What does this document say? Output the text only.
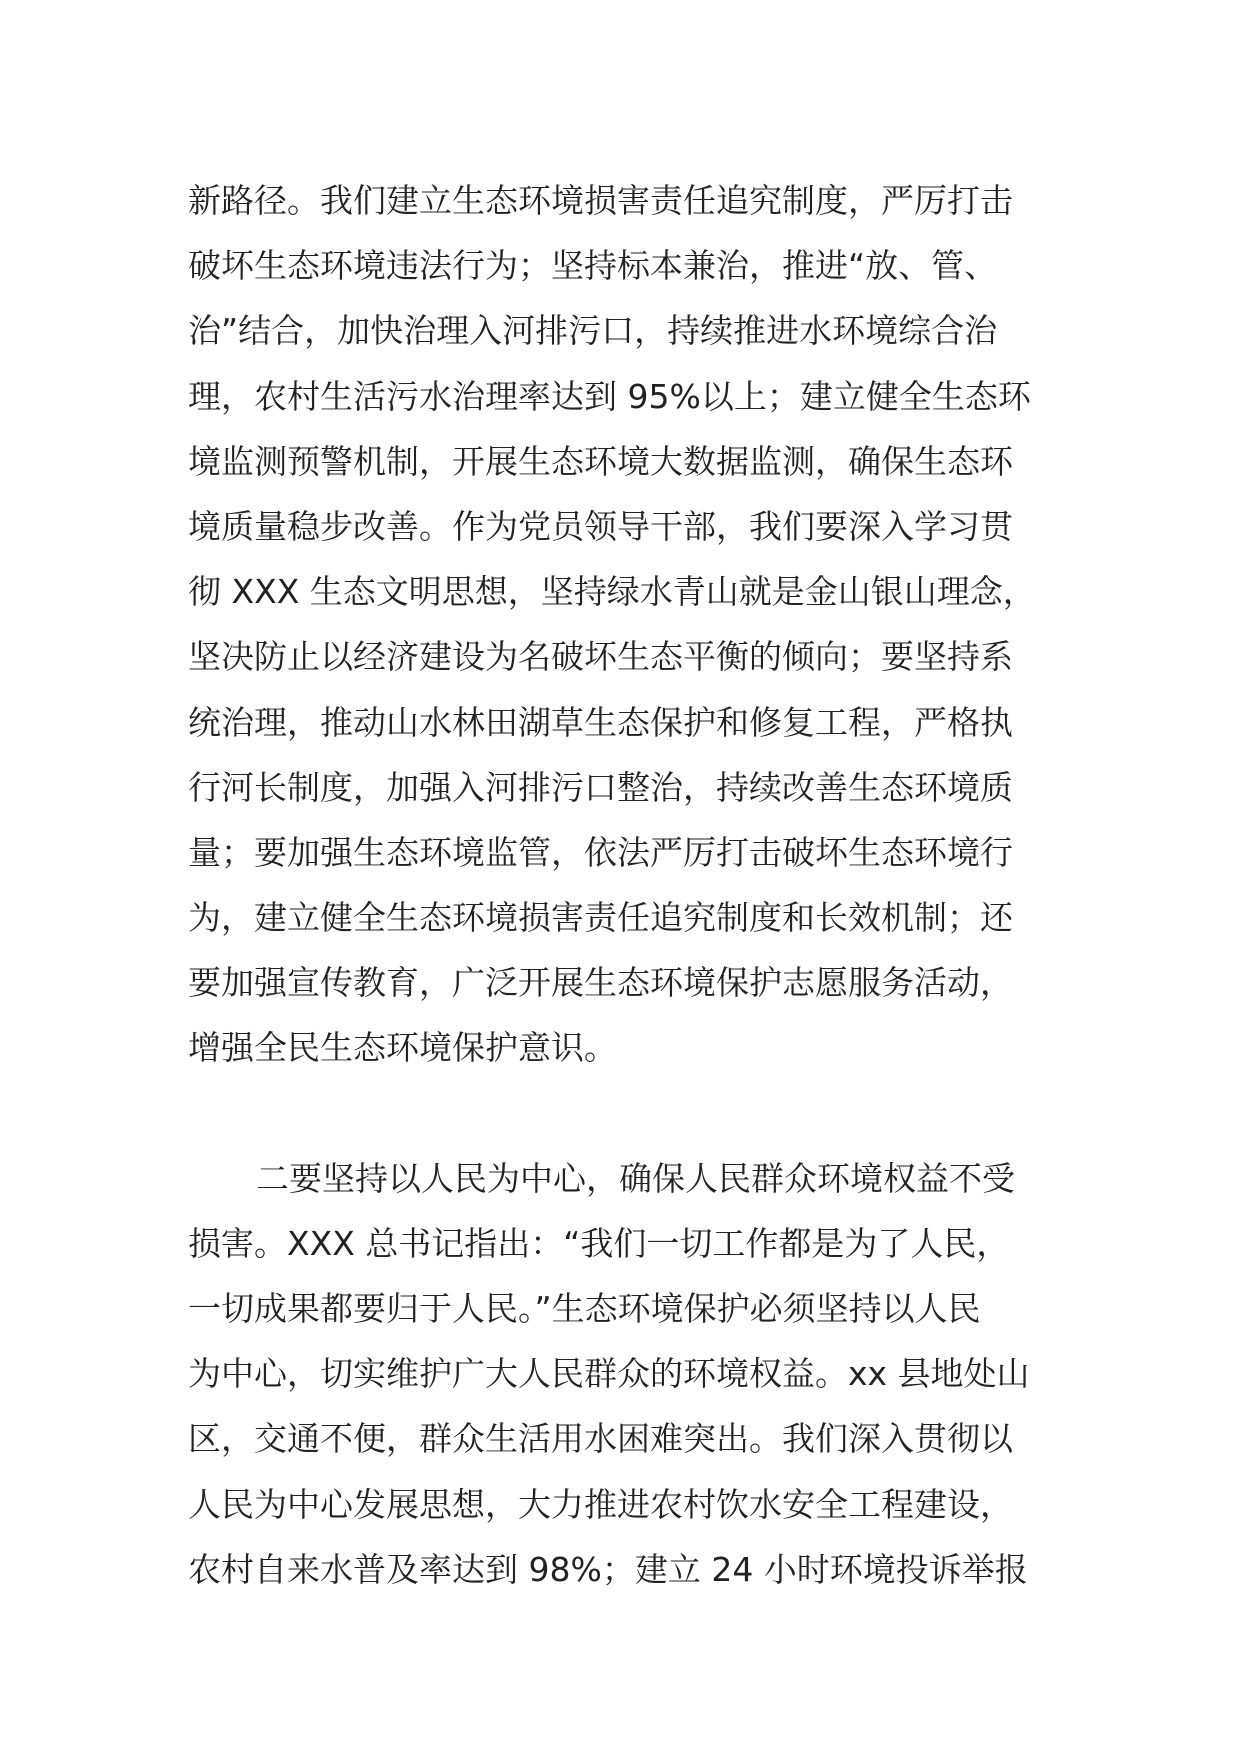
新路径。我们建立生态环境损害责任追究制度，严厉打击
破坏生态环境违法行为；坚持标本兼治，推进“放、管、
治”结合，加快治理入河排污口，持续推进水环境综合治
理，农村生活污水治理率达到 95%以上；建立健全生态环
境监测预警机制，开展生态环境大数据监测，确保生态环
境质量稳步改善。作为党员领导干部，我们要深入学习贯
彻 XXX 生态文明思想，坚持绿水青山就是金山银山理念，
坚决防止以经济建设为名破坏生态平衡的倾向；要坚持系
统治理，推动山水林田湖草生态保护和修复工程，严格执
行河长制度，加强入河排污口整治，持续改善生态环境质
量；要加强生态环境监管，依法严厉打击破坏生态环境行
为，建立健全生态环境损害责任追究制度和长效机制；还
要加强宣传教育，广泛开展生态环境保护志愿服务活动，
增强全民生态环境保护意识。
二要坚持以人民为中心，确保人民群众环境权益不受
损害。XXX 总书记指出：“我们一切工作都是为了人民，
一切成果都要归于人民。”生态环境保护必须坚持以人民
为中心，切实维护广大人民群众的环境权益。xx 县地处山
区，交通不便，群众生活用水困难突出。我们深入贯彻以
人民为中心发展思想，大力推进农村饮水安全工程建设，
农村自来水普及率达到 98%；建立 24 小时环境投诉举报
